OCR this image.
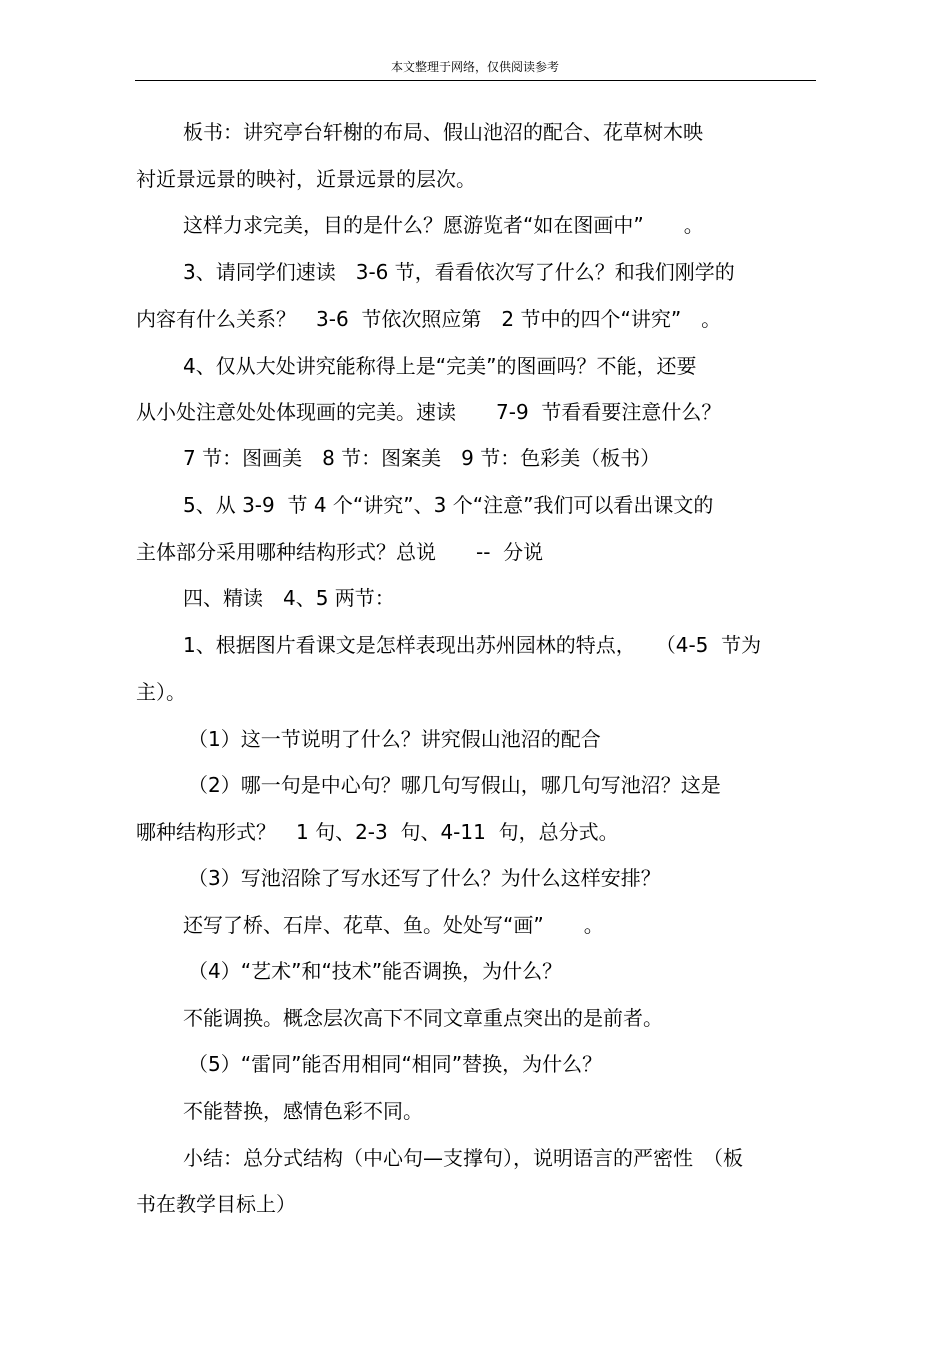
本文整理于网络，仅供阅读参考
板书：讲究亭台轩榭的布局、假山池沼的配合、花草树木映
衬近景远景的映衬，近景远景的层次。
这样力求完美，目的是什么？愿游览者“如在图画中”　　。
3、请同学们速读　3-6 节，看看依次写了什么？和我们刚学的
内容有什么关系？　3-6  节依次照应第　2 节中的四个“讲究”　。
4、仅从大处讲究能称得上是“完美”的图画吗？不能，还要
从小处注意处处体现画的完美。速读　　7-9  节看看要注意什么？
7 节：图画美　8 节：图案美　9 节：色彩美（板书）
5、从 3-9  节 4 个“讲究”、3 个“注意”我们可以看出课文的
主体部分采用哪种结构形式？总说　　--  分说
四、精读　4、5 两节：
1、根据图片看课文是怎样表现出苏州园林的特点，　　（4-5  节为
主）。
（1）这一节说明了什么？讲究假山池沼的配合
（2）哪一句是中心句？哪几句写假山，哪几句写池沼？这是
哪种结构形式？　1 句、2-3  句、4-11  句，总分式。
（3）写池沼除了写水还写了什么？为什么这样安排？
还写了桥、石岸、花草、鱼。处处写“画”　　。
（4）“艺术”和“技术”能否调换，为什么？
不能调换。概念层次高下不同文章重点突出的是前者。
（5）“雷同”能否用相同“相同”替换，为什么？
不能替换，感情色彩不同。
小结：总分式结构（中心句—支撑句），说明语言的严密性　（板
书在教学目标上）
